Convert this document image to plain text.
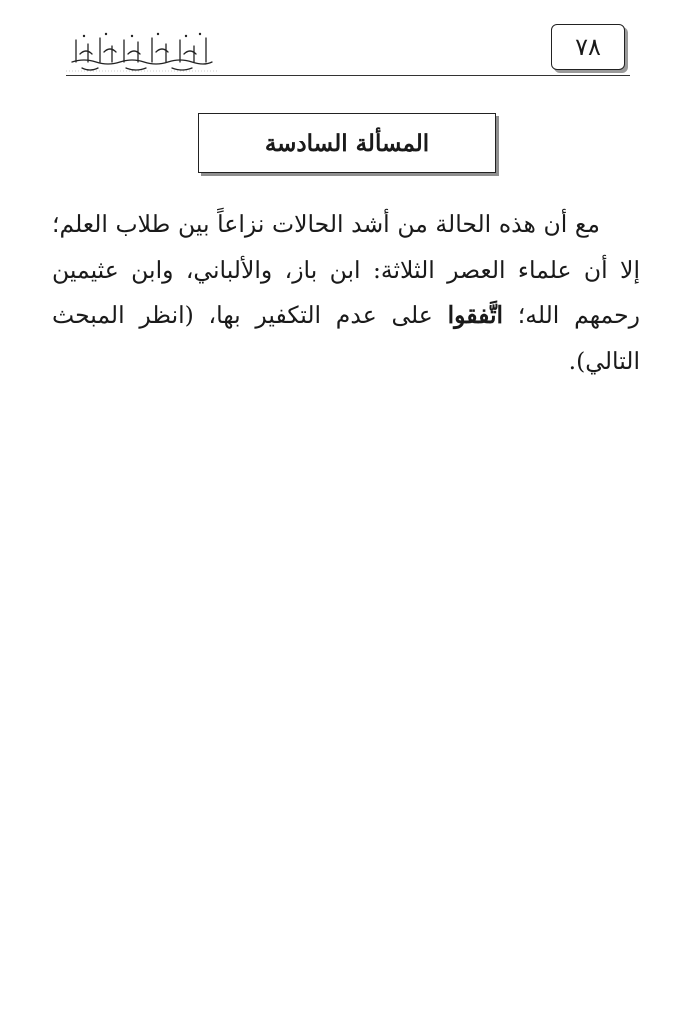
٧٨
المسألة السادسة

مع أن هذه الحالة من أشد الحالات نزاعاً بين طلاب العلم؛ إلا أن علماء العصر الثلاثة: ابن باز، والألباني، وابن عثيمين رحمهم الله؛ اتَّفقوا على عدم التكفير بها، (انظر المبحث التالي).
